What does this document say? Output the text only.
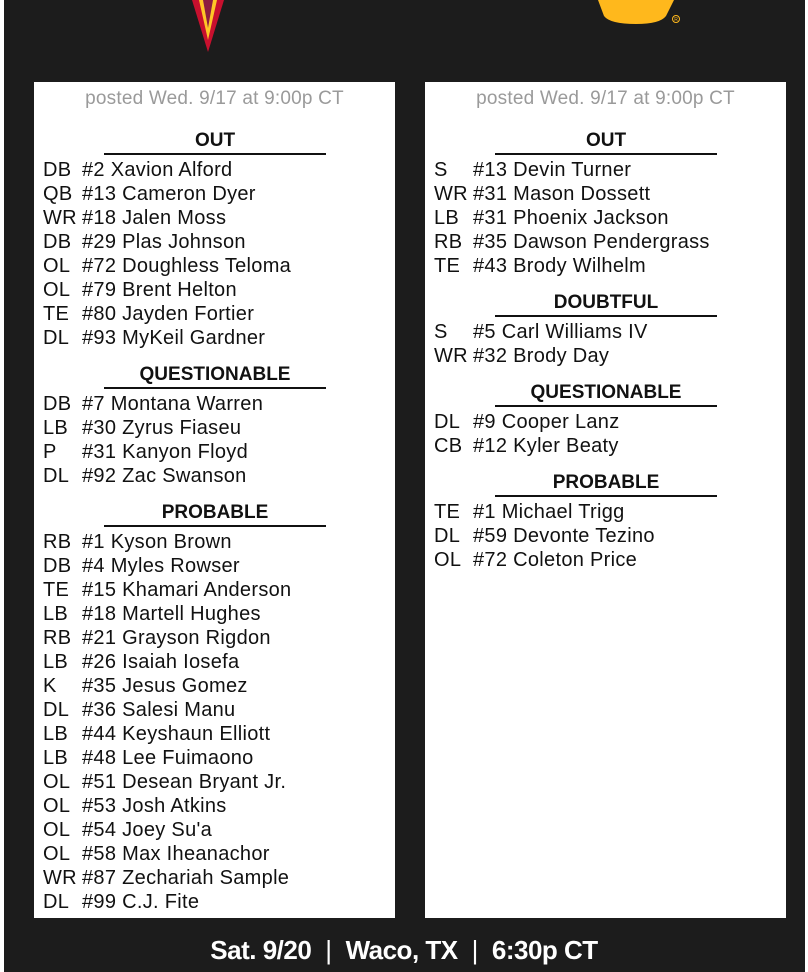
R
posted Wed. 9/17 at 9:00p CT
OUT
DB #2 Xavion Alford
QB #13 Cameron Dyer
WR #18 Jalen Moss
DB #29 Plas Johnson
OL #72 Doughless Teloma
OL #79 Brent Helton
TE #80 Jayden Fortier
DL #93 MyKeil Gardner
QUESTIONABLE
DB #7 Montana Warren
LB #30 Zyrus Fiaseu
P	#31 Kanyon Floyd
DL #92 Zac Swanson
PROBABLE
RB #1 Kyson Brown
DB #4 Myles Rowser
TE #15 Khamari Anderson
LB #18 Martell Hughes
RB #21 Grayson Rigdon
LB #26 Isaiah Iosefa
K	#35 Jesus Gomez
DL #36 Salesi Manu
LB #44 Keyshaun Elliott
LB #48 Lee Fuimaono
OL #51 Desean Bryant Jr.
OL #53 Josh Atkins
OL #54 Joey Su'a
OL #58 Max Iheanachor
WR #87 Zechariah Sample
DL #99 C.J. Fite
posted Wed. 9/17 at 9:00p CT
OUT
S	#13 Devin Turner
WR #31 Mason Dossett
LB #31 Phoenix Jackson
RB #35 Dawson Pendergrass
TE #43 Brody Wilhelm
DOUBTFUL
S	#5 Carl Williams IV
WR #32 Brody Day
QUESTIONABLE
DL #9 Cooper Lanz
CB #12 Kyler Beaty
PROBABLE
TE #1 Michael Trigg
DL #59 Devonte Tezino
OL #72 Coleton Price
Sat. 9/20 | Waco, TX | 6:30p CT
